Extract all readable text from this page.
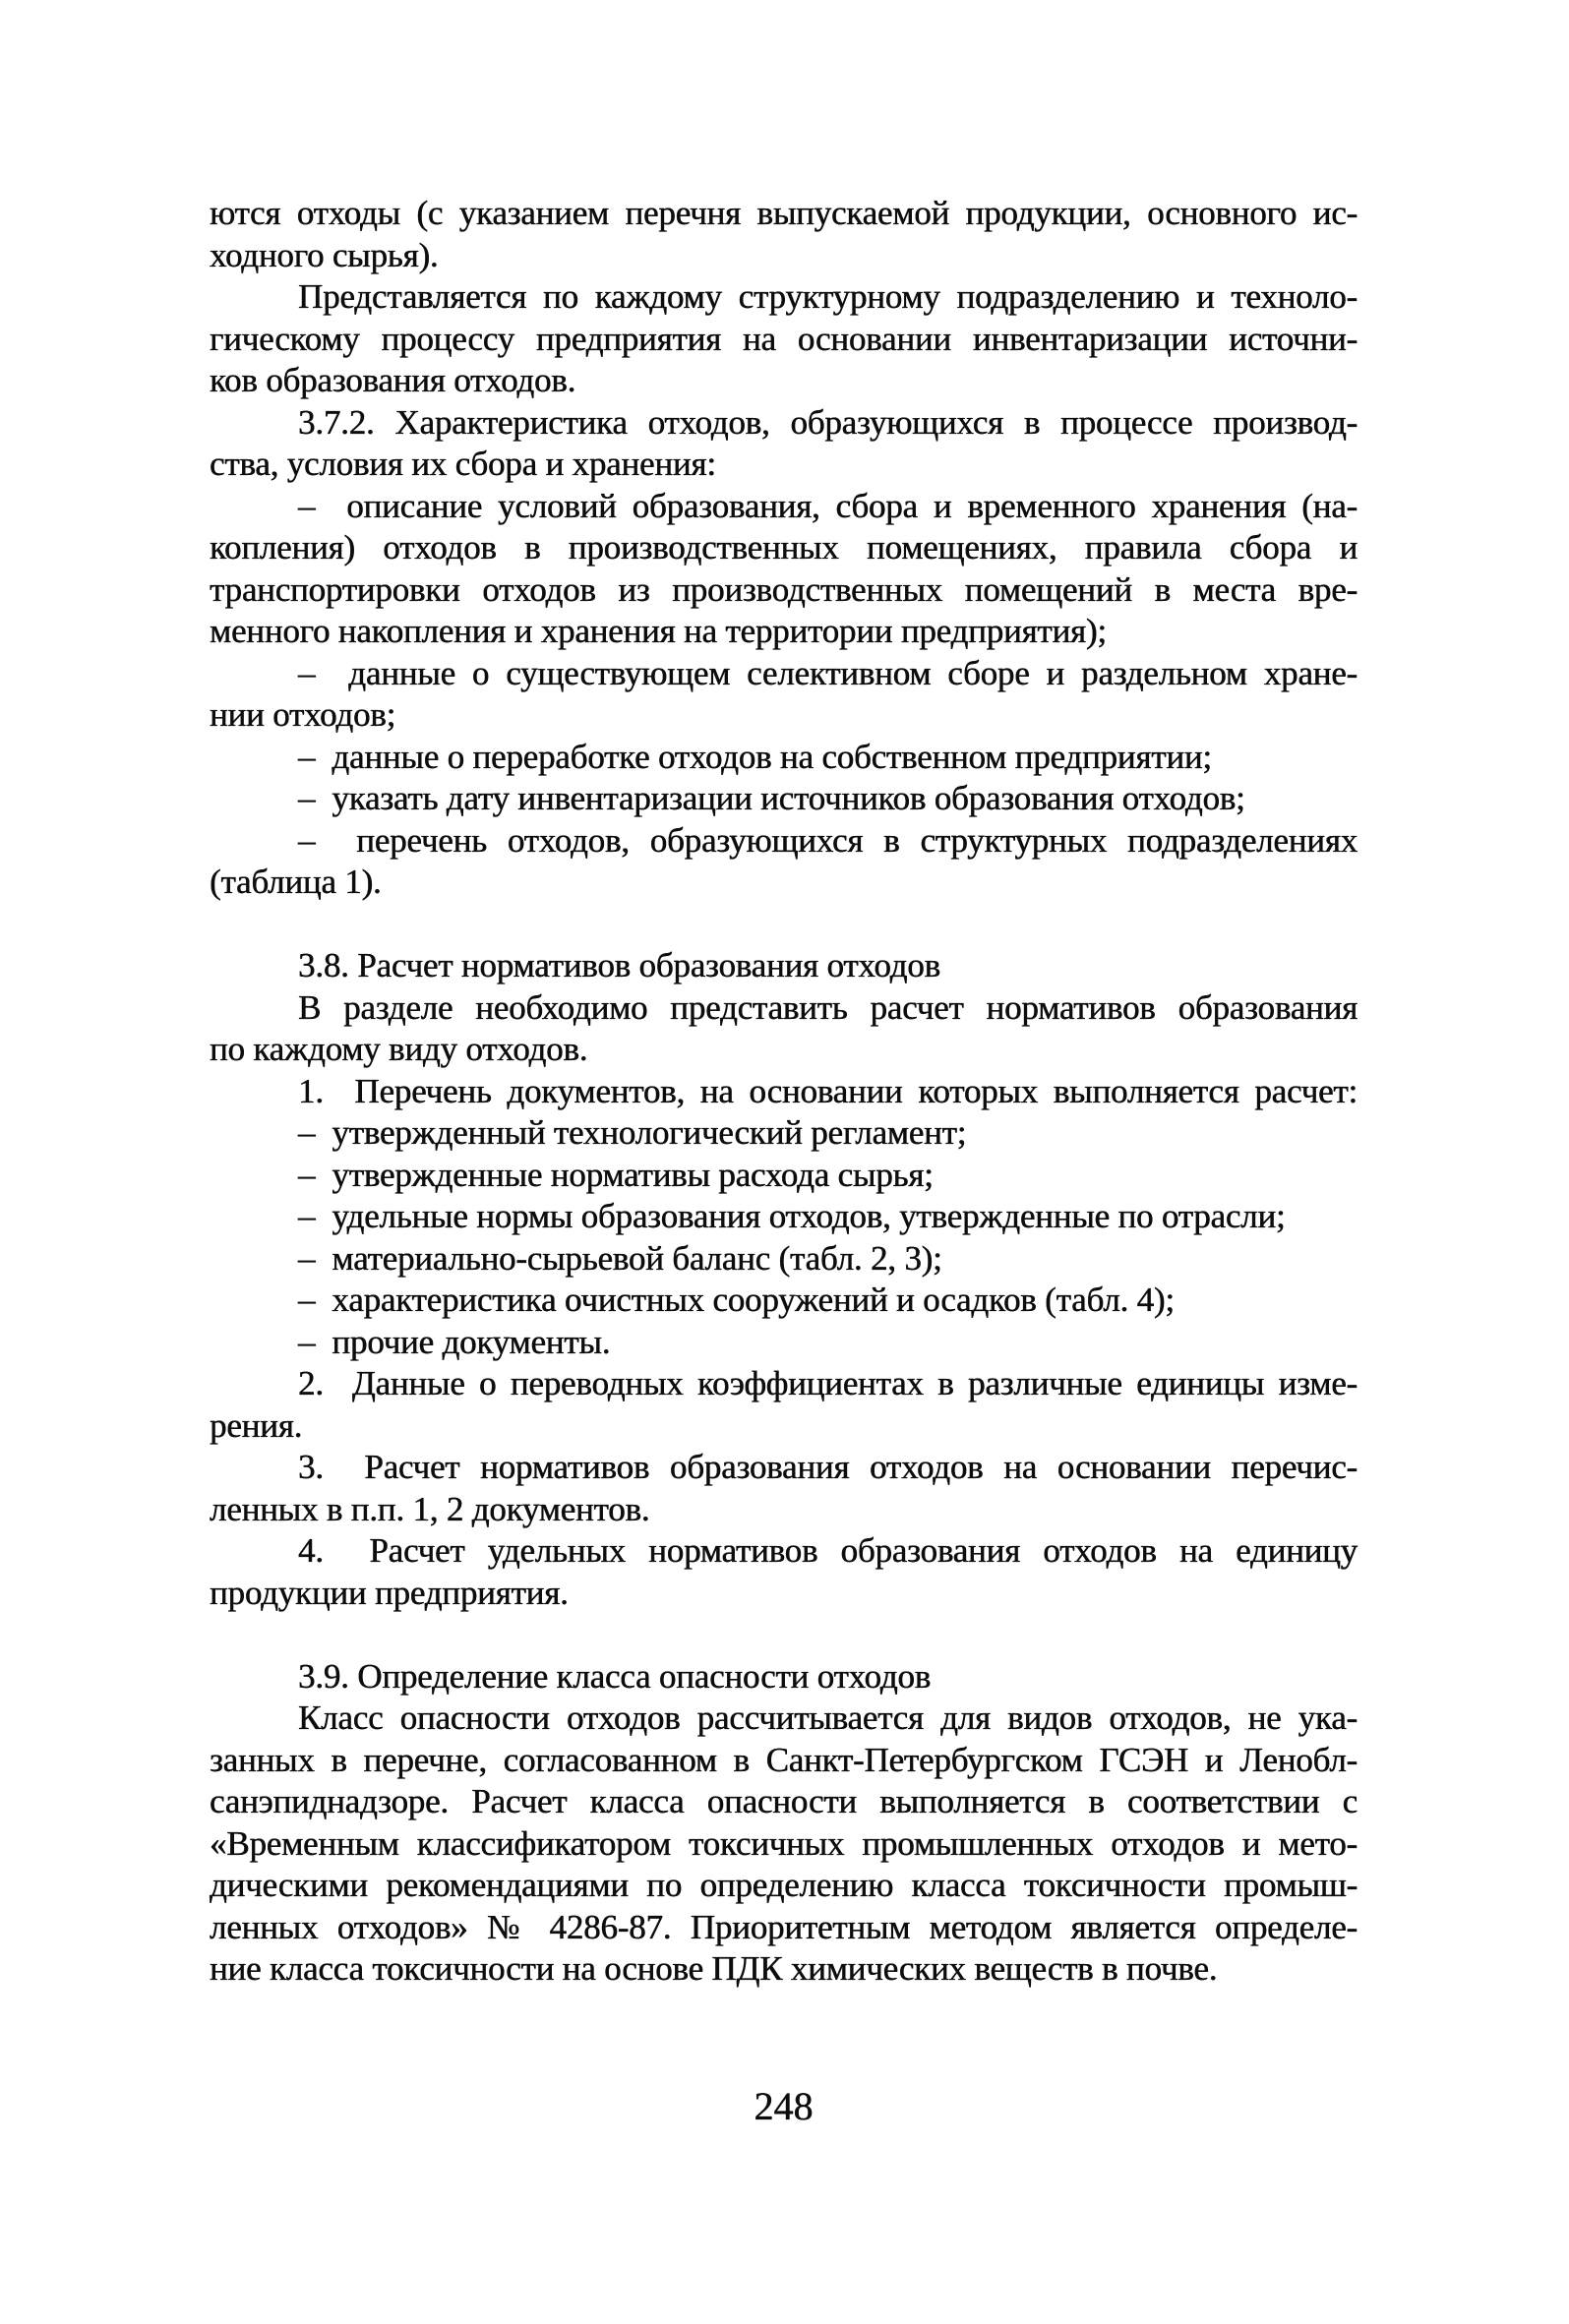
ются отходы (с указанием перечня выпускаемой продукции, основного ис-
ходного сырья).
Представляется по каждому структурному подразделению и техноло-
гическому процессу предприятия на основании инвентаризации источни-
ков образования отходов.
3.7.2. Характеристика отходов, образующихся в процессе производ-
ства, условия их сбора и хранения:
–  описание условий образования, сбора и временного хранения (на-
копления) отходов в производственных помещениях, правила сбора и
транспортировки отходов из производственных помещений в места вре-
менного накопления и хранения на территории предприятия);
–  данные о существующем селективном сборе и раздельном хране-
нии отходов;
–  данные о переработке отходов на собственном предприятии;
–  указать дату инвентаризации источников образования отходов;
–  перечень отходов, образующихся в структурных подразделениях
(таблица 1).
3.8. Расчет нормативов образования отходов
В разделе необходимо представить расчет нормативов образования
по каждому виду отходов.
1.  Перечень документов, на основании которых выполняется расчет:
–  утвержденный технологический регламент;
–  утвержденные нормативы расхода сырья;
–  удельные нормы образования отходов, утвержденные по отрасли;
–  материально-сырьевой баланс (табл. 2, 3);
–  характеристика очистных сооружений и осадков (табл. 4);
–  прочие документы.
2.  Данные о переводных коэффициентах в различные единицы изме-
рения.
3.  Расчет нормативов образования отходов на основании перечис-
ленных в п.п. 1, 2 документов.
4.  Расчет удельных нормативов образования отходов на единицу
продукции предприятия.
3.9. Определение класса опасности отходов
Класс опасности отходов рассчитывается для видов отходов, не ука-
занных в перечне, согласованном в Санкт-Петербургском ГСЭН и Ленобл-
санэпиднадзоре. Расчет класса опасности выполняется в соответствии с
«Временным классификатором токсичных промышленных отходов и мето-
дическими рекомендациями по определению класса токсичности промыш-
ленных отходов» № 4286-87. Приоритетным методом является определе-
ние класса токсичности на основе ПДК химических веществ в почве.
248
